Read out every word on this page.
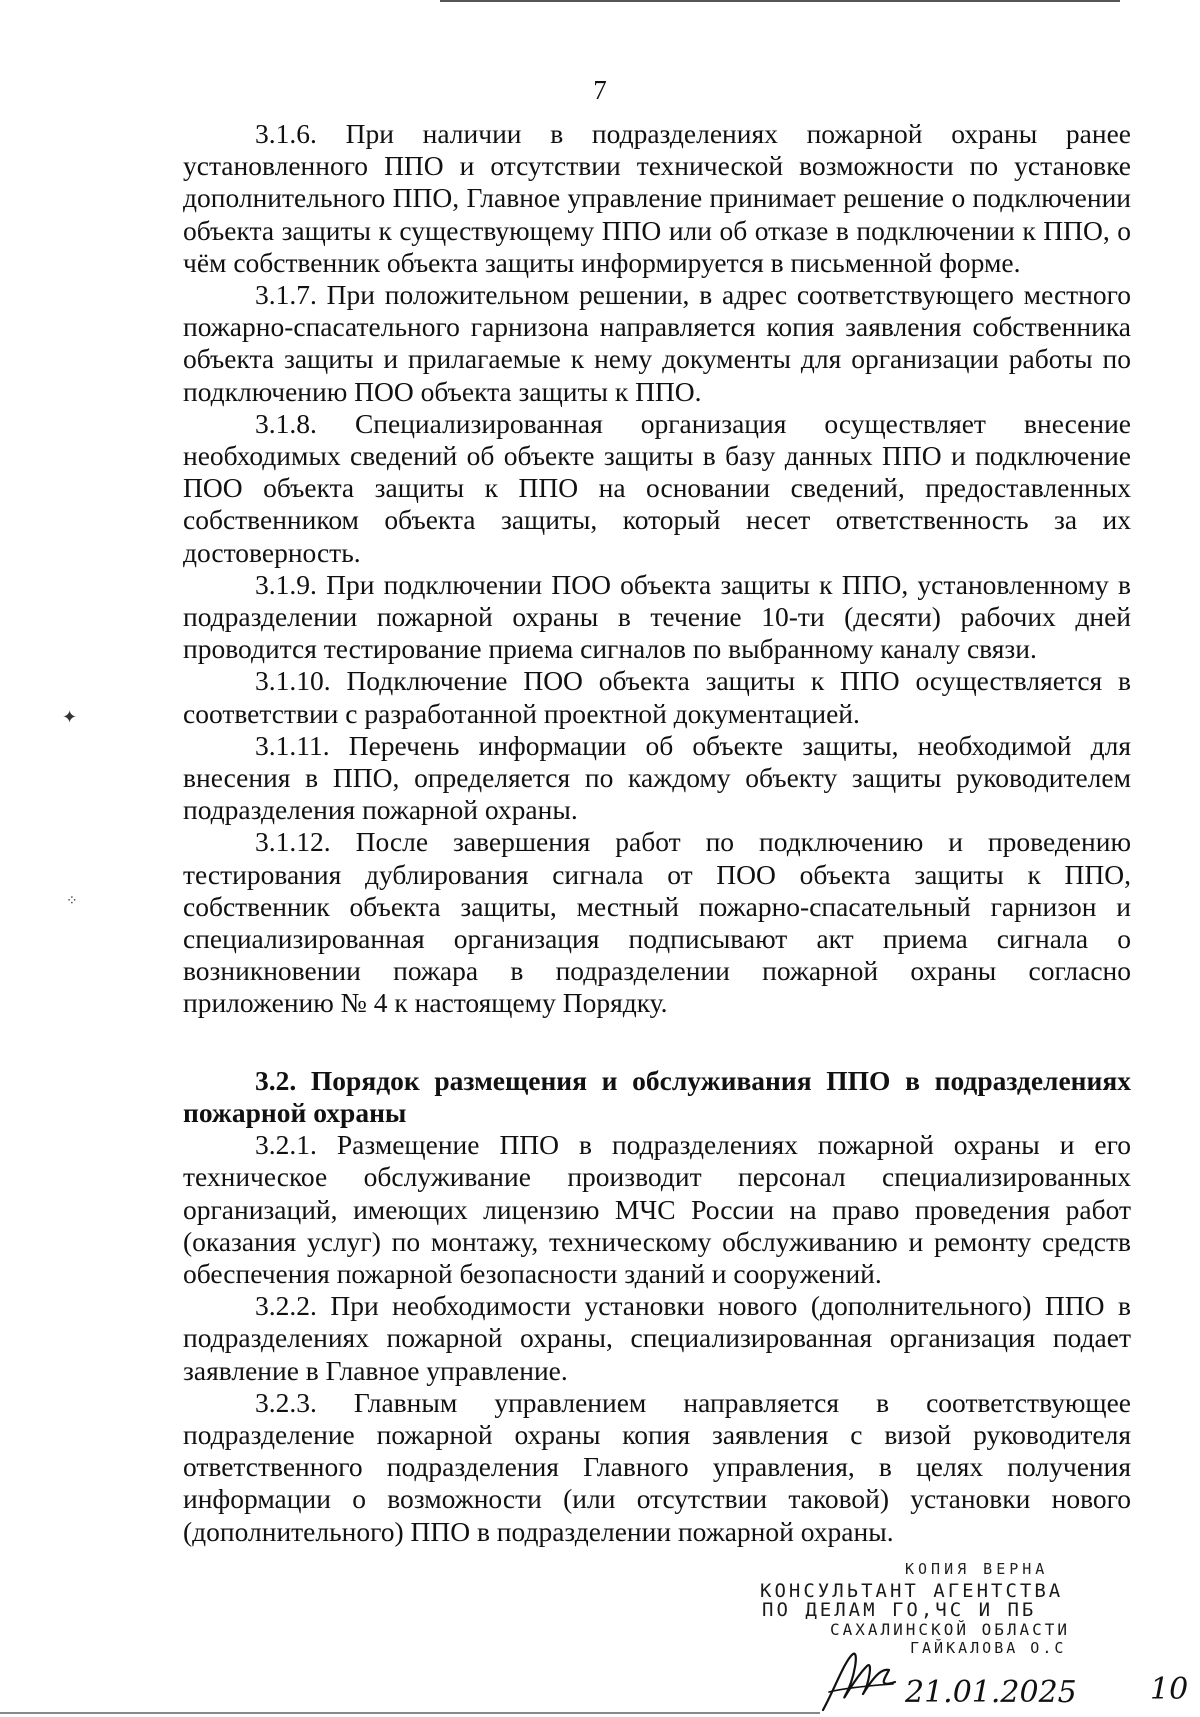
7
✦
⁘

3.1.6. При наличии в подразделениях пожарной охраны ранее установленного ППО и отсутствии технической возможности по установке дополнительного ППО, Главное управление принимает решение о подключении объекта защиты к существующему ППО или об отказе в подключении к ППО, о чём собственник объекта защиты информируется в письменной форме.

3.1.7. При положительном решении, в адрес соответствующего местного пожарно-спасательного гарнизона направляется копия заявления собственника объекта защиты и прилагаемые к нему документы для организации работы по подключению ПОО объекта защиты к ППО.

3.1.8. Специализированная организация осуществляет внесение необходимых сведений об объекте защиты в базу данных ППО и подключение ПОО объекта защиты к ППО на основании сведений, предоставленных собственником объекта защиты, который несет ответственность за их достоверность.

3.1.9. При подключении ПОО объекта защиты к ППО, установленному в подразделении пожарной охраны в течение 10-ти (десяти) рабочих дней проводится тестирование приема сигналов по выбранному каналу связи.

3.1.10. Подключение ПОО объекта защиты к ППО осуществляется в соответствии с разработанной проектной документацией.

3.1.11. Перечень информации об объекте защиты, необходимой для внесения в ППО, определяется по каждому объекту защиты руководителем подразделения пожарной охраны.

3.1.12. После завершения работ по подключению и проведению тестирования дублирования сигнала от ПОО объекта защиты к ППО, собственник объекта защиты, местный пожарно-спасательный гарнизон и специализированная организация подписывают акт приема сигнала о возникновении пожара в подразделении пожарной охраны согласно приложению № 4 к настоящему Порядку.

3.2. Порядок размещения и обслуживания ППО в подразделениях пожарной охраны

3.2.1. Размещение ППО в подразделениях пожарной охраны и его техническое обслуживание производит персонал специализированных организаций, имеющих лицензию МЧС России на право проведения работ (оказания услуг) по монтажу, техническому обслуживанию и ремонту средств обеспечения пожарной безопасности зданий и сооружений.

3.2.2. При необходимости установки нового (дополнительного) ППО в подразделениях пожарной охраны, специализированная организация подает заявление в Главное управление.

3.2.3. Главным управлением направляется в соответствующее подразделение пожарной охраны копия заявления с визой руководителя ответственного подразделения Главного управления, в целях получения информации о возможности (или отсутствии таковой) установки нового (дополнительного) ППО в подразделении пожарной охраны.

КОПИЯ ВЕРНА
КОНСУЛЬТАНТ АГЕНТСТВА
ПО ДЕЛАМ ГО,ЧС И ПБ
САХАЛИНСКОЙ ОБЛАСТИ
ГАЙКАЛОВА О.С
21.01.2025 10
